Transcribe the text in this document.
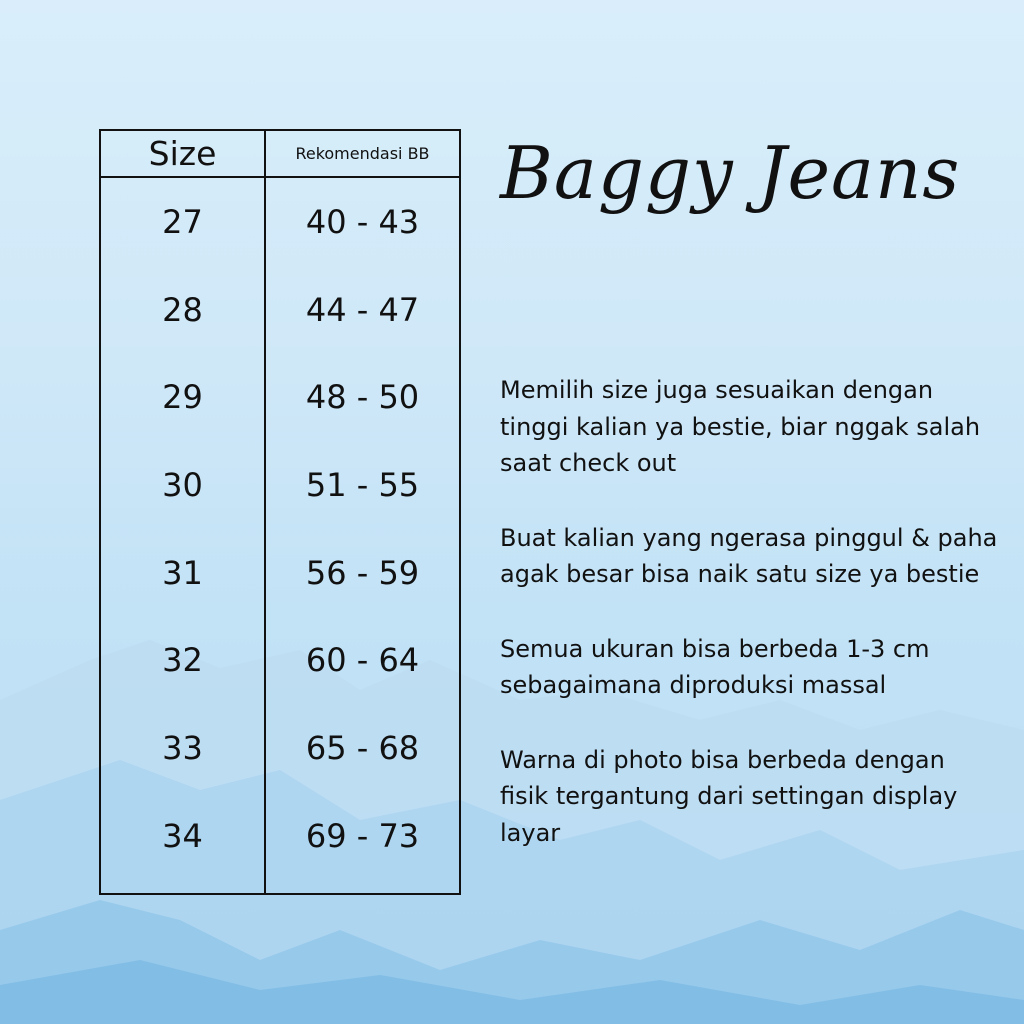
Size	Rekomendasi BB
27	40 - 43
28	44 - 47
29	48 - 50
30	51 - 55
31	56 - 59
32	60 - 64
33	65 - 68
34	69 - 73
Baggy Jeans

Memilih size juga sesuaikan dengan tinggi kalian ya bestie, biar nggak salah saat check out

Buat kalian yang ngerasa pinggul & paha agak besar bisa naik satu size ya bestie

Semua ukuran bisa berbeda 1-3 cm sebagaimana diproduksi massal

Warna di photo bisa berbeda dengan fisik tergantung dari settingan display layar
